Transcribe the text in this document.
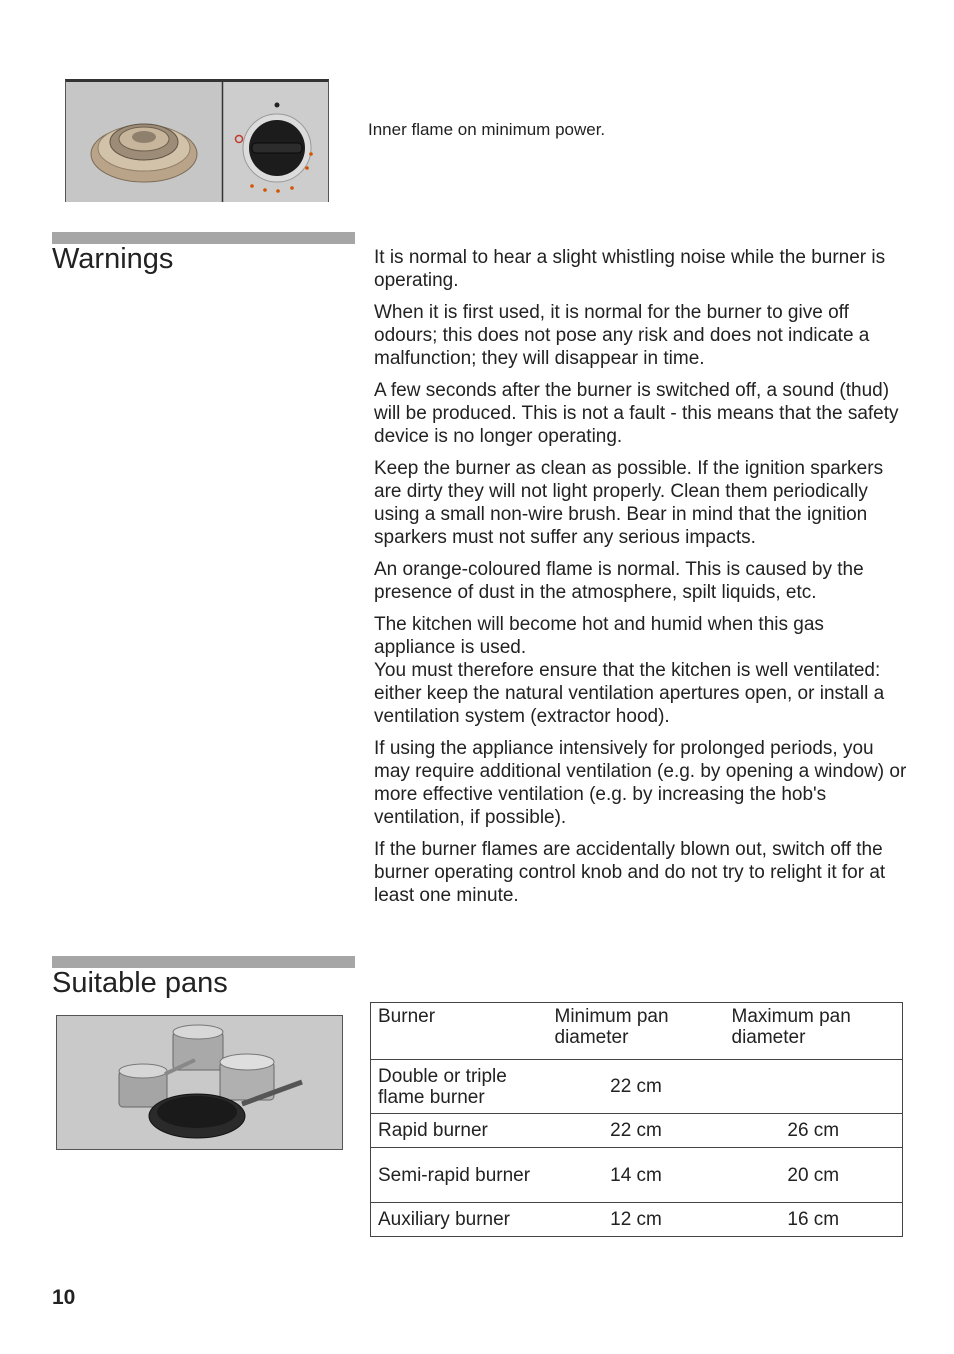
Inner flame on minimum power.
Warnings	It is normal to hear a slight whistling noise while the burner is operating.

When it is first used, it is normal for the burner to give off odours; this does not pose any risk and does not indicate a malfunction; they will disappear in time.

A few seconds after the burner is switched off, a sound (thud) will be produced. This is not a fault - this means that the safety device is no longer operating.

Keep the burner as clean as possible. If the ignition sparkers are dirty they will not light properly. Clean them periodically using a small non-wire brush. Bear in mind that the ignition sparkers must not suffer any serious impacts.

An orange-coloured flame is normal. This is caused by the presence of dust in the atmosphere, spilt liquids, etc.

The kitchen will become hot and humid when this gas appliance is used.
You must therefore ensure that the kitchen is well ventilated:
either keep the natural ventilation apertures open, or install a ventilation system (extractor hood).

If using the appliance intensively for prolonged periods, you may require additional ventilation (e.g. by opening a window) or more effective ventilation (e.g. by increasing the hob's ventilation, if possible).

If the burner flames are accidentally blown out, switch off the burner operating control knob and do not try to relight it for at least one minute.

Suitable pans
Burner	Minimum pan diameter	Maximum pan diameter
Double or triple flame burner	22 cm	
Rapid burner	22 cm	26 cm
Semi-rapid burner	14 cm	20 cm
Auxiliary burner	12 cm	16 cm
10
